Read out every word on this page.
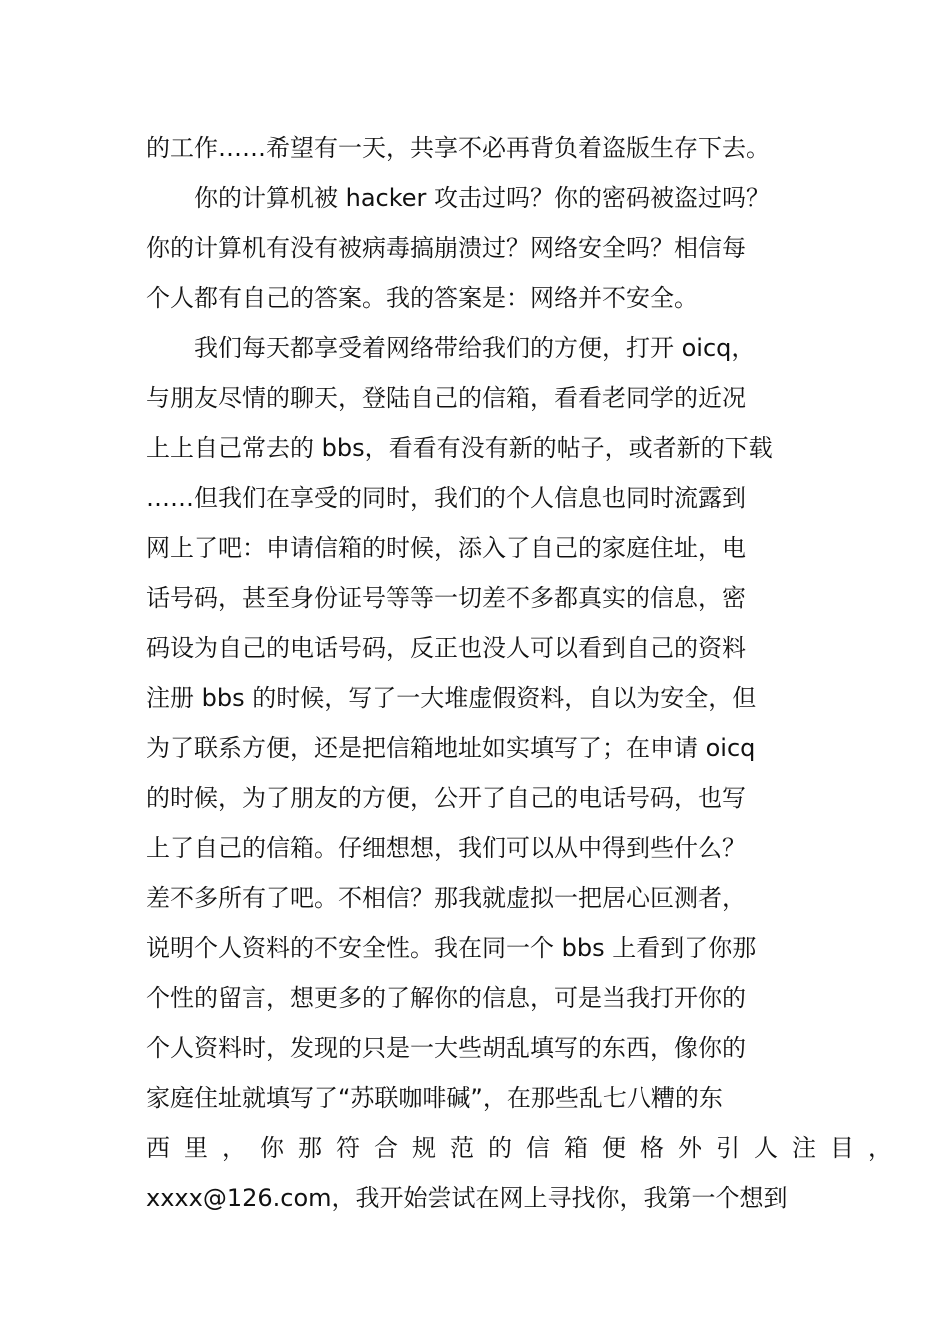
的工作……希望有一天，共享不必再背负着盗版生存下去。
你的计算机被 hacker 攻击过吗？你的密码被盗过吗？
你的计算机有没有被病毒搞崩溃过？网络安全吗？相信每
个人都有自己的答案。我的答案是：网络并不安全。
我们每天都享受着网络带给我们的方便，打开 oicq，
与朋友尽情的聊天，登陆自己的信箱，看看老同学的近况
上上自己常去的 bbs，看看有没有新的帖子，或者新的下载
……但我们在享受的同时，我们的个人信息也同时流露到
网上了吧：申请信箱的时候，添入了自己的家庭住址，电
话号码，甚至身份证号等等一切差不多都真实的信息，密
码设为自己的电话号码，反正也没人可以看到自己的资料
注册 bbs 的时候，写了一大堆虚假资料，自以为安全，但
为了联系方便，还是把信箱地址如实填写了；在申请 oicq
的时候，为了朋友的方便，公开了自己的电话号码，也写
上了自己的信箱。仔细想想，我们可以从中得到些什么？
差不多所有了吧。不相信？那我就虚拟一把居心叵测者，
说明个人资料的不安全性。我在同一个 bbs 上看到了你那
个性的留言，想更多的了解你的信息，可是当我打开你的
个人资料时，发现的只是一大些胡乱填写的东西，像你的
家庭住址就填写了“苏联咖啡碱”，在那些乱七八糟的东
西里，你那符合规范的信箱便格外引人注目，
xxxx@126.com，我开始尝试在网上寻找你，我第一个想到
